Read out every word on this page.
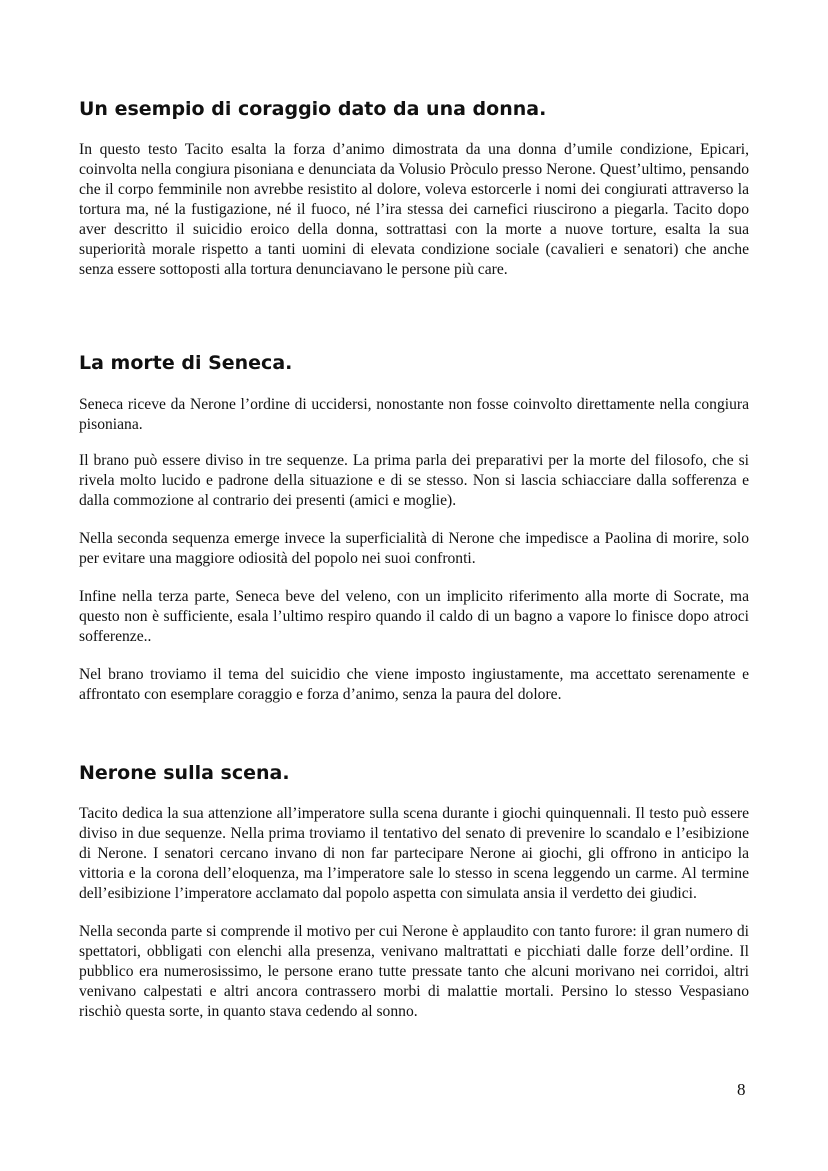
Un esempio di coraggio dato da una donna.

In questo testo Tacito esalta la forza d’animo dimostrata da una donna d’umile condizione, Epicari, coinvolta nella congiura pisoniana e denunciata da Volusio Pròculo presso Nerone. Quest’ultimo, pensando che il corpo femminile non avrebbe resistito al dolore, voleva estorcerle i nomi dei congiurati attraverso la tortura ma, né la fustigazione, né il fuoco, né l’ira stessa dei carnefici riuscirono a piegarla. Tacito dopo aver descritto il suicidio eroico della donna, sottrattasi con la morte a nuove torture, esalta la sua superiorità morale rispetto a tanti uomini di elevata condizione sociale (cavalieri e senatori) che anche senza essere sottoposti alla tortura denunciavano le persone più care.

La morte di Seneca.

Seneca riceve da Nerone l’ordine di uccidersi, nonostante non fosse coinvolto direttamente nella congiura pisoniana.

Il brano può essere diviso in tre sequenze. La prima parla dei preparativi per la morte del filosofo, che si rivela molto lucido e padrone della situazione e di se stesso. Non si lascia schiacciare dalla sofferenza e dalla commozione al contrario dei presenti (amici e moglie).

Nella seconda sequenza emerge invece la superficialità di Nerone che impedisce a Paolina di morire, solo per evitare una maggiore odiosità del popolo nei suoi confronti.

Infine nella terza parte, Seneca beve del veleno, con un implicito riferimento alla morte di Socrate, ma questo non è sufficiente, esala l’ultimo respiro quando il caldo di un bagno a vapore lo finisce dopo atroci sofferenze..

Nel brano troviamo il tema del suicidio che viene imposto ingiustamente, ma accettato serenamente e affrontato con esemplare coraggio e forza d’animo, senza la paura del dolore.

Nerone sulla scena.

Tacito dedica la sua attenzione all’imperatore sulla scena durante i giochi quinquennali. Il testo può essere diviso in due sequenze. Nella prima troviamo il tentativo del senato di prevenire lo scandalo e l’esibizione di Nerone. I senatori cercano invano di non far partecipare Nerone ai giochi, gli offrono in anticipo la vittoria e la corona dell’eloquenza, ma l’imperatore sale lo stesso in scena leggendo un carme. Al termine dell’esibizione l’imperatore acclamato dal popolo aspetta con simulata ansia il verdetto dei giudici.

Nella seconda parte si comprende il motivo per cui Nerone è applaudito con tanto furore: il gran numero di spettatori, obbligati con elenchi alla presenza, venivano maltrattati e picchiati dalle forze dell’ordine. Il pubblico era numerosissimo, le persone erano tutte pressate tanto che alcuni morivano nei corridoi, altri venivano calpestati e altri ancora contrassero morbi di malattie mortali. Persino lo stesso Vespasiano rischiò questa sorte, in quanto stava cedendo al sonno.

8
